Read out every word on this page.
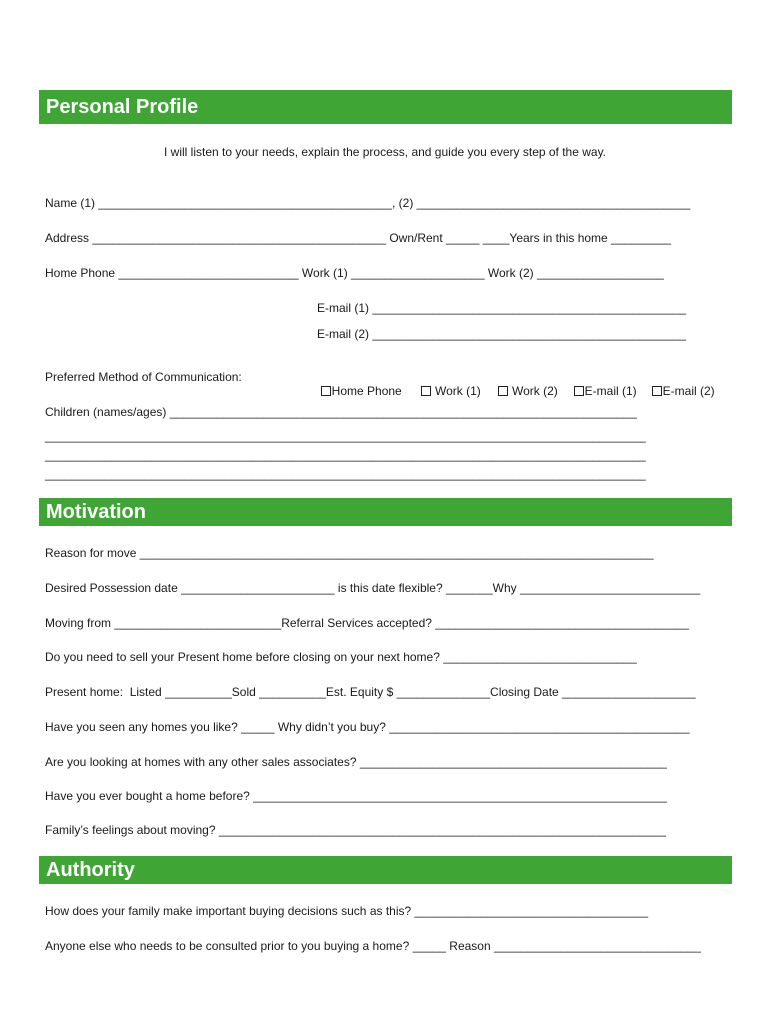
Personal Profile
I will listen to your needs, explain the process, and guide you every step of the way.
Name (1) ____________________________________________, (2) _________________________________________
Address ____________________________________________ Own/Rent _____ ____Years in this home _________
Home Phone ___________________________ Work (1) ____________________ Work (2) ___________________
E-mail (1) _______________________________________________
E-mail (2) _______________________________________________
Preferred Method of Communication:

Home Phone	Work (1)	Work (2)	E-mail (1)	E-mail (2)

Children (names/ages) ______________________________________________________________________
__________________________________________________________________________________________
__________________________________________________________________________________________
__________________________________________________________________________________________
Motivation
Reason for move _____________________________________________________________________________
Desired Possession date _______________________ is this date flexible? _______Why ___________________________
Moving from _________________________Referral Services accepted? ______________________________________
Do you need to sell your Present home before closing on your next home? _____________________________
Present home:  Listed __________Sold __________Est. Equity $ ______________Closing Date ____________________
Have you seen any homes you like? _____ Why didn’t you buy? _____________________________________________
Are you looking at homes with any other sales associates? ______________________________________________
Have you ever bought a home before? ______________________________________________________________
Family’s feelings about moving? ___________________________________________________________________
Authority
How does your family make important buying decisions such as this? ___________________________________
Anyone else who needs to be consulted prior to you buying a home? _____ Reason _______________________________
